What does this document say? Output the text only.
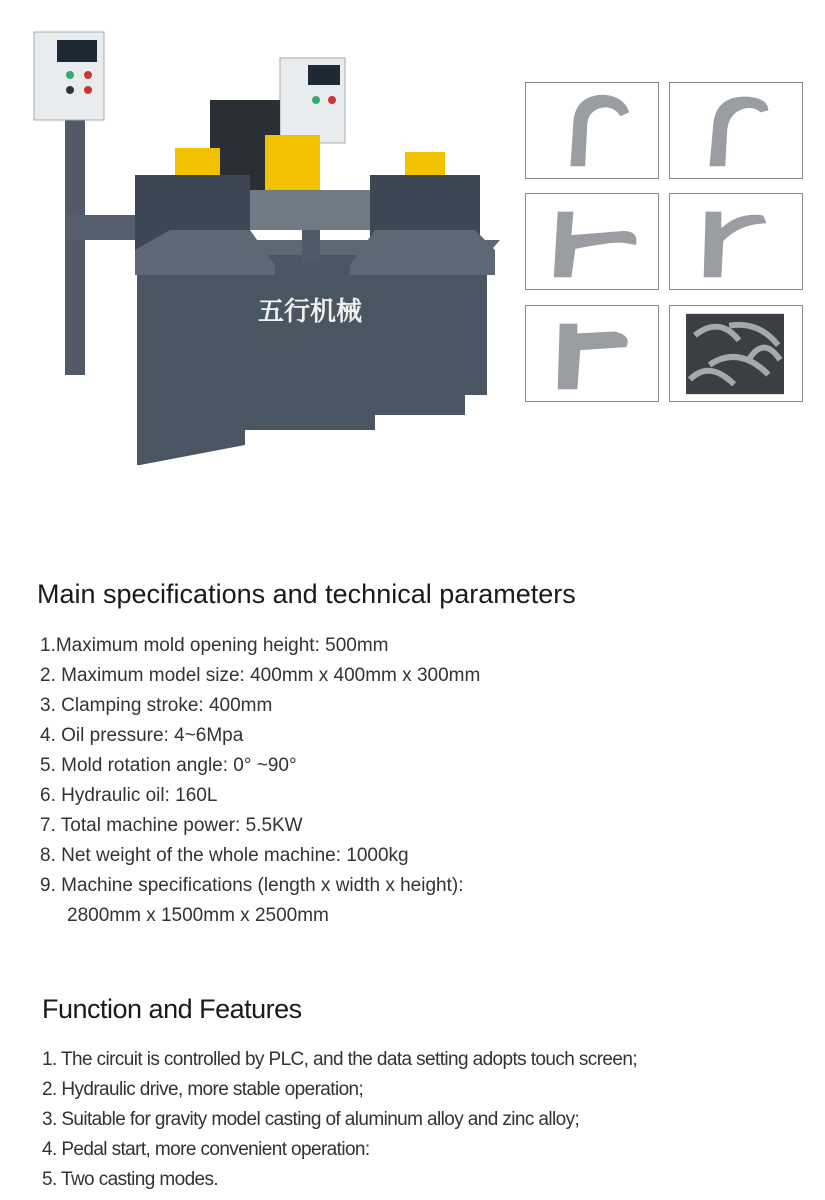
五行机械
Main specifications and technical parameters
1.Maximum mold opening height: 500mm
2. Maximum model size: 400mm x 400mm x 300mm
3. Clamping stroke: 400mm
4. Oil pressure: 4~6Mpa
5. Mold rotation angle: 0° ~90°
6. Hydraulic oil: 160L
7. Total machine power: 5.5KW
8. Net weight of the whole machine: 1000kg
9. Machine specifications (length x width x height):
2800mm x 1500mm x 2500mm
Function and Features
1. The circuit is controlled by PLC, and the data setting adopts touch screen;
2. Hydraulic drive, more stable operation;
3. Suitable for gravity model casting of aluminum alloy and zinc alloy;
4. Pedal start, more convenient operation:
5. Two casting modes.
